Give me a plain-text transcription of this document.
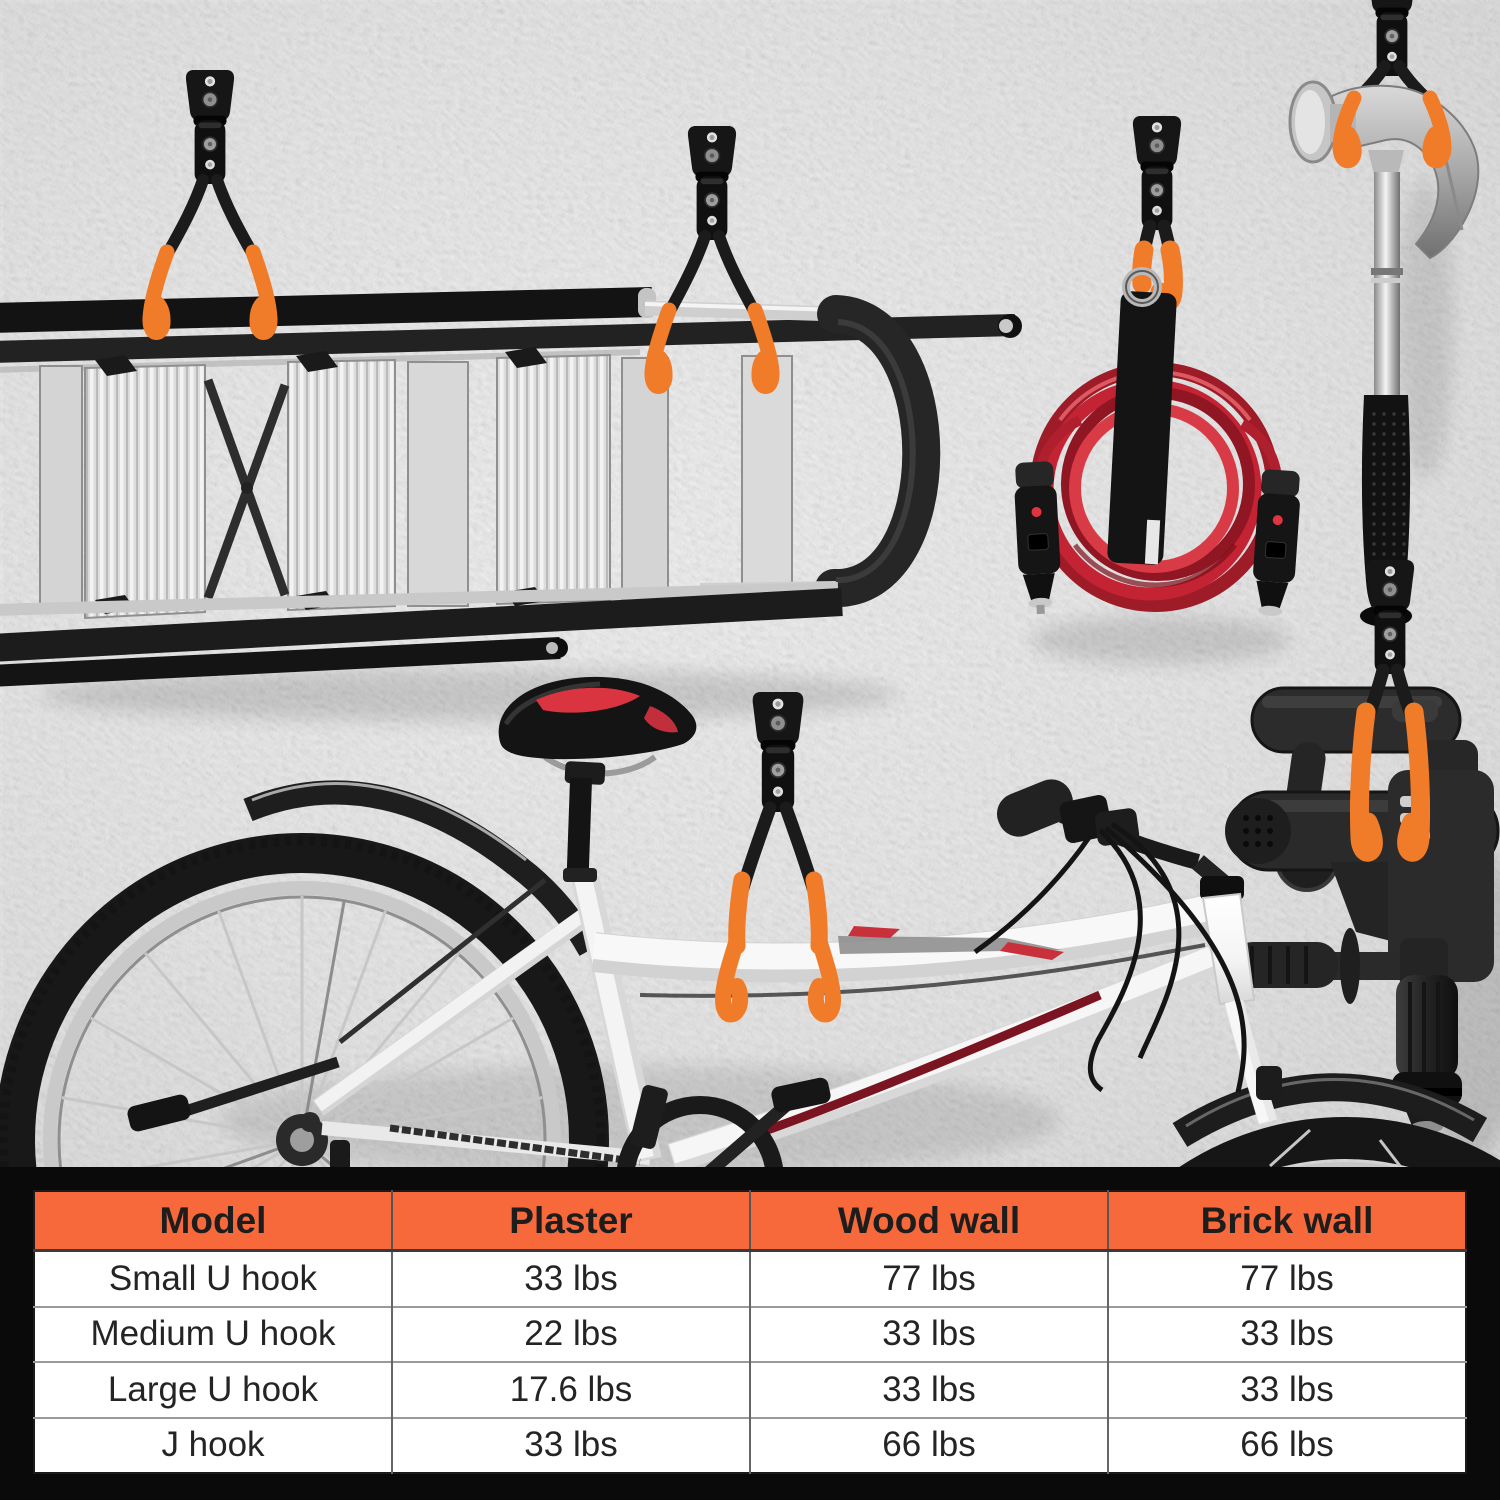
Model	Plaster	Wood wall	Brick wall
Small U hook	33 lbs	77 lbs	77 lbs
Medium U hook	22 lbs	33 lbs	33 lbs
Large U hook	17.6 lbs	33 lbs	33 lbs
J hook	33 lbs	66 lbs	66 lbs
